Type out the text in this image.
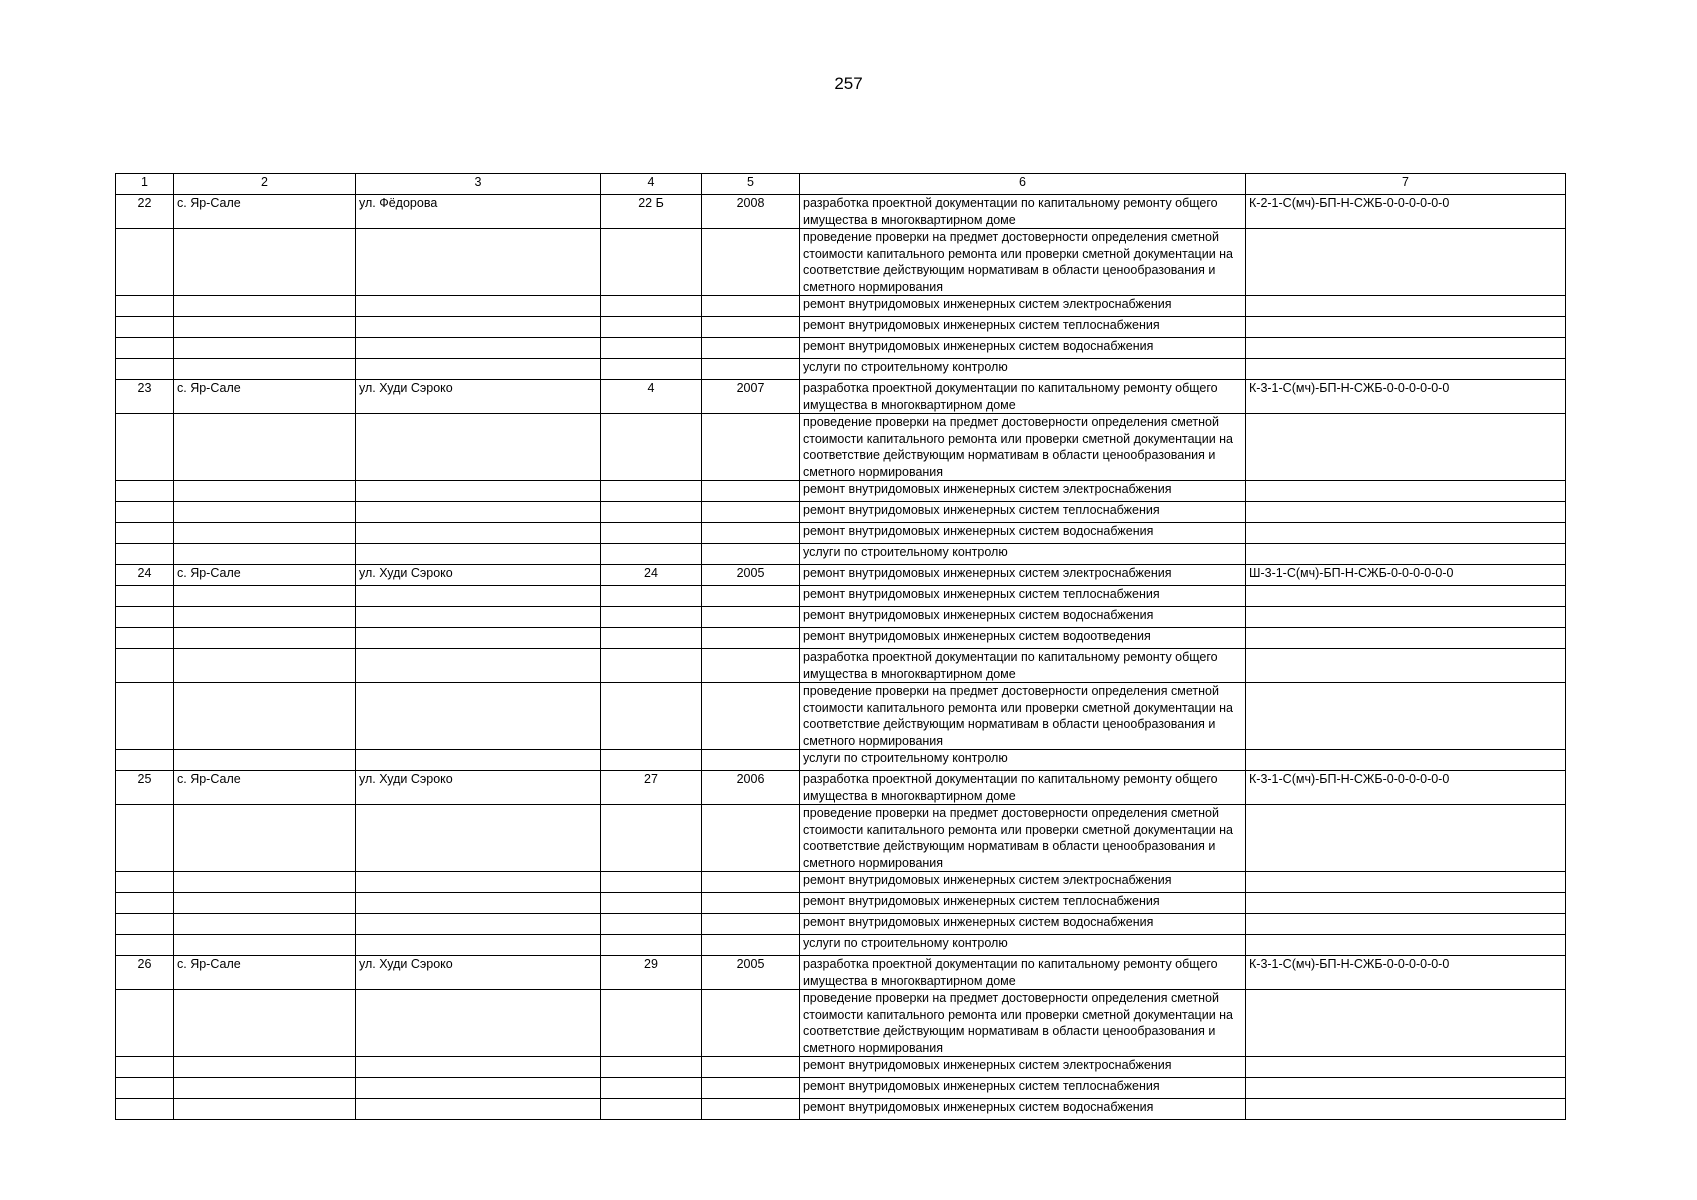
257
1	2	3	4	5	6	7
22	с. Яр-Сале	ул. Фёдорова	22 Б	2008	разработка проектной документации по капитальному ремонту общего имущества в многоквартирном доме	К-2-1-С(мч)-БП-Н-СЖБ-0-0-0-0-0-0
					проведение проверки на предмет достоверности определения сметной стоимости капитального ремонта или проверки сметной документации на соответствие действующим нормативам в области ценообразования и сметного нормирования	
					ремонт внутридомовых инженерных систем электроснабжения	
					ремонт внутридомовых инженерных систем теплоснабжения	
					ремонт внутридомовых инженерных систем водоснабжения	
					услуги по строительному контролю	
23	с. Яр-Сале	ул. Худи Сэроко	4	2007	разработка проектной документации по капитальному ремонту общего имущества в многоквартирном доме	К-3-1-С(мч)-БП-Н-СЖБ-0-0-0-0-0-0
					проведение проверки на предмет достоверности определения сметной стоимости капитального ремонта или проверки сметной документации на соответствие действующим нормативам в области ценообразования и сметного нормирования	
					ремонт внутридомовых инженерных систем электроснабжения	
					ремонт внутридомовых инженерных систем теплоснабжения	
					ремонт внутридомовых инженерных систем водоснабжения	
					услуги по строительному контролю	
24	с. Яр-Сале	ул. Худи Сэроко	24	2005	ремонт внутридомовых инженерных систем электроснабжения	Ш-3-1-С(мч)-БП-Н-СЖБ-0-0-0-0-0-0
					ремонт внутридомовых инженерных систем теплоснабжения	
					ремонт внутридомовых инженерных систем водоснабжения	
					ремонт внутридомовых инженерных систем водоотведения	
					разработка проектной документации по капитальному ремонту общего имущества в многоквартирном доме	
					проведение проверки на предмет достоверности определения сметной стоимости капитального ремонта или проверки сметной документации на соответствие действующим нормативам в области ценообразования и сметного нормирования	
					услуги по строительному контролю	
25	с. Яр-Сале	ул. Худи Сэроко	27	2006	разработка проектной документации по капитальному ремонту общего имущества в многоквартирном доме	К-3-1-С(мч)-БП-Н-СЖБ-0-0-0-0-0-0
					проведение проверки на предмет достоверности определения сметной стоимости капитального ремонта или проверки сметной документации на соответствие действующим нормативам в области ценообразования и сметного нормирования	
					ремонт внутридомовых инженерных систем электроснабжения	
					ремонт внутридомовых инженерных систем теплоснабжения	
					ремонт внутридомовых инженерных систем водоснабжения	
					услуги по строительному контролю	
26	с. Яр-Сале	ул. Худи Сэроко	29	2005	разработка проектной документации по капитальному ремонту общего имущества в многоквартирном доме	К-3-1-С(мч)-БП-Н-СЖБ-0-0-0-0-0-0
					проведение проверки на предмет достоверности определения сметной стоимости капитального ремонта или проверки сметной документации на соответствие действующим нормативам в области ценообразования и сметного нормирования	
					ремонт внутридомовых инженерных систем электроснабжения	
					ремонт внутридомовых инженерных систем теплоснабжения	
					ремонт внутридомовых инженерных систем водоснабжения	
